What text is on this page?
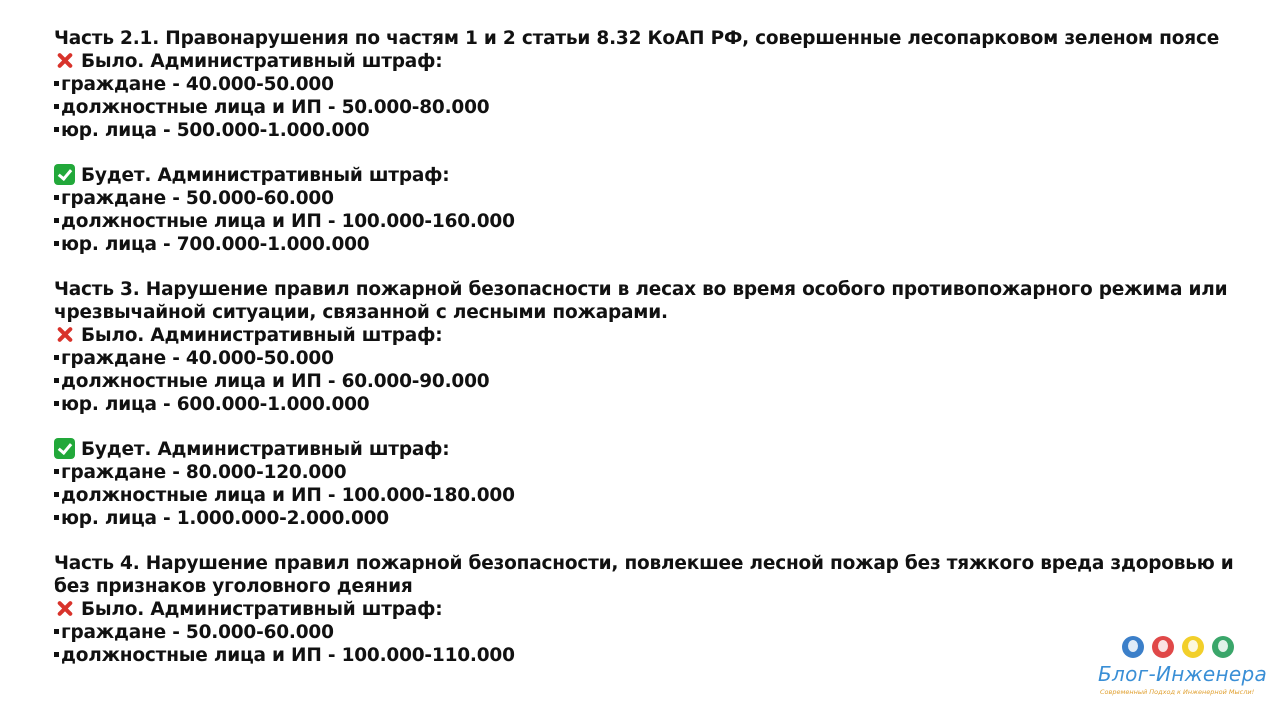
Часть 2.1. Правонарушения по частям 1 и 2 статьи 8.32 КоАП РФ, совершенные лесопарковом зеленом поясе
Было. Административный штраф:
граждане - 40.000-50.000
должностные лица и ИП - 50.000-80.000
юр. лица - 500.000-1.000.000
Будет. Административный штраф:
граждане - 50.000-60.000
должностные лица и ИП - 100.000-160.000
юр. лица - 700.000-1.000.000
Часть 3. Нарушение правил пожарной безопасности в лесах во время особого противопожарного режима или
чрезвычайной ситуации, связанной с лесными пожарами.
Было. Административный штраф:
граждане - 40.000-50.000
должностные лица и ИП - 60.000-90.000
юр. лица - 600.000-1.000.000
Будет. Административный штраф:
граждане - 80.000-120.000
должностные лица и ИП - 100.000-180.000
юр. лица - 1.000.000-2.000.000
Часть 4. Нарушение правил пожарной безопасности, повлекшее лесной пожар без тяжкого вреда здоровью и
без признаков уголовного деяния
Было. Административный штраф:
граждане - 50.000-60.000
должностные лица и ИП - 100.000-110.000
Блог-Инженера
Современный Подход к Инженерной Мысли!
